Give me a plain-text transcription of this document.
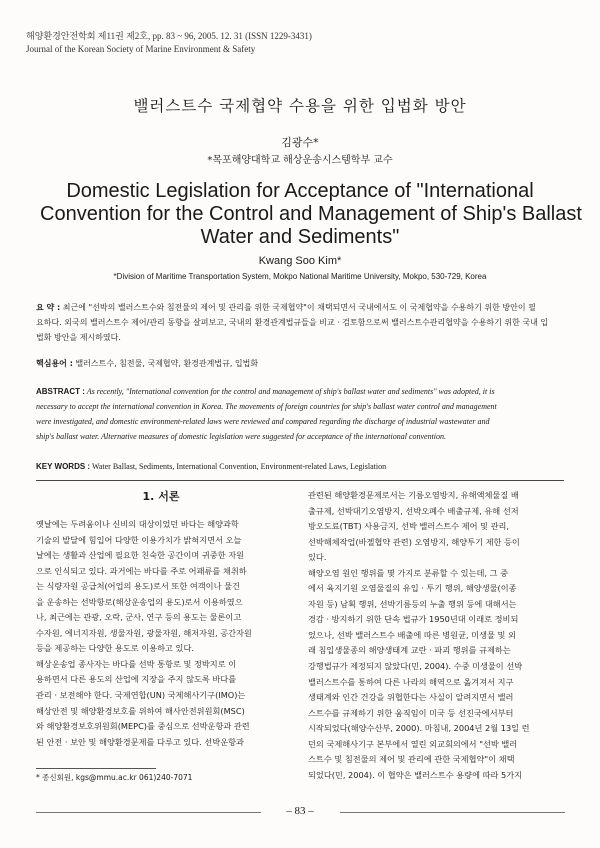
해양환경안전학회 제11권 제2호, pp. 83 ~ 96, 2005. 12. 31 (ISSN 1229-3431)
Journal of the Korean Society of Marine Environment & Safety
밸러스트수 국제협약 수용을 위한 입법화 방안
김광수*
*목포해양대학교 해상운송시스템학부 교수
Domestic Legislation for Acceptance of "International
Convention for the Control and Management of Ship's Ballast
Water and Sediments"
Kwang Soo Kim*
*Division of Maritime Transportation System, Mokpo National Maritime University, Mokpo, 530-729, Korea
요 약 : 최근에 "선박의 밸러스트수와 침전물의 제어 및 관리를 위한 국제협약"이 채택되면서 국내에서도 이 국제협약을 수용하기 위한 방안이 필
요하다. 외국의 밸러스트수 제어/관리 동향을 살펴보고, 국내의 환경관계법규들을 비교 · 검토함으로써 밸러스트수관리협약을 수용하기 위한 국내 입
법화 방안을 제시하였다.
핵심용어 : 밸러스트수, 침전물, 국제협약, 환경관계법규, 입법화
ABSTRACT : As recently, "International convention for the control and management of ship's ballast water and sediments" was adopted, it is
necessary to accept the international convention in Korea. The movements of foreign countries for ship's ballast water control and management
were investigated, and domestic environment-related laws were reviewed and compared regarding the discharge of industrial wastewater and
ship's ballast water. Alternative measures of domestic legislation were suggested for acceptance of the international convention.
KEY WORDS : Water Ballast, Sediments, International Convention, Environment-related Laws, Legislation
1. 서론
옛날에는 두려움이나 신비의 대상이었던 바다는 해양과학
기술의 발달에 힘입어 다양한 이용가치가 밝혀지면서 오늘
날에는 생활과 산업에 필요한 친숙한 공간이며 귀중한 자원
으로 인식되고 있다. 과거에는 바다를 주로 어패류를 채취하
는 식량자원 공급처(어업의 용도)로서 또한 여객이나 물건
을 운송하는 선박항로(해상운송업의 용도)로서 이용하였으
나, 최근에는 관광, 오락, 군사, 연구 등의 용도는 물론이고
수자원, 에너지자원, 생물자원, 광물자원, 해저자원, 공간자원
등을 제공하는 다양한 용도로 이용하고 있다.
해상운송업 종사자는 바다를 선박 통항로 및 정박지로 이
용하면서 다른 용도의 산업에 지장을 주지 않도록 바다를
관리 · 보전해야 한다. 국제연합(UN) 국제해사기구(IMO)는
해상안전 및 해양환경보호를 위하여 해사안전위원회(MSC)
와 해양환경보호위원회(MEPC)를 중심으로 선박운항과 관련
된 안전 · 보안 및 해양환경문제를 다루고 있다. 선박운항과
관련된 해양환경문제로서는 기름오염방지, 유해액체물질 배
출규제, 선박대기오염방지, 선박오폐수 배출규제, 유해 선저
방오도료(TBT) 사용금지, 선박 밸러스트수 제어 및 관리,
선박해체작업(바젤협약 관련) 오염방지, 해양투기 제한 등이
있다.
해양오염 원인 행위를 몇 가지로 분류할 수 있는데, 그 중
에서 육지기원 오염물질의 유입 · 투기 행위, 해양생물(이종
자원 등) 남획 행위, 선박기름등의 누출 행위 등에 대해서는
경감 · 방지하기 위한 단속 법규가 1950년대 이래로 정비되
었으나, 선박 밸러스트수 배출에 따른 병원균, 미생물 및 외
래 침입생물종의 해양생태계 교란 · 파괴 행위를 규제하는
강행법규가 제정되지 않았다(민, 2004). 수중 미생물이 선박
밸러스트수를 통하여 다른 나라의 해역으로 옮겨져서 지구
생태계와 인간 건강을 위협한다는 사실이 알려지면서 밸러
스트수를 규제하기 위한 움직임이 미국 등 선진국에서부터
시작되었다(해양수산부, 2000). 마침내, 2004년 2월 13일 런
던의 국제해사기구 본부에서 열린 외교회의에서 "선박 밸러
스트수 및 침전물의 제어 및 관리에 관한 국제협약"이 채택
되었다(민, 2004). 이 협약은 밸러스트수 용량에 따라 5가지
* 종신회원, kgs@mmu.ac.kr 061)240-7071
– 83 –
